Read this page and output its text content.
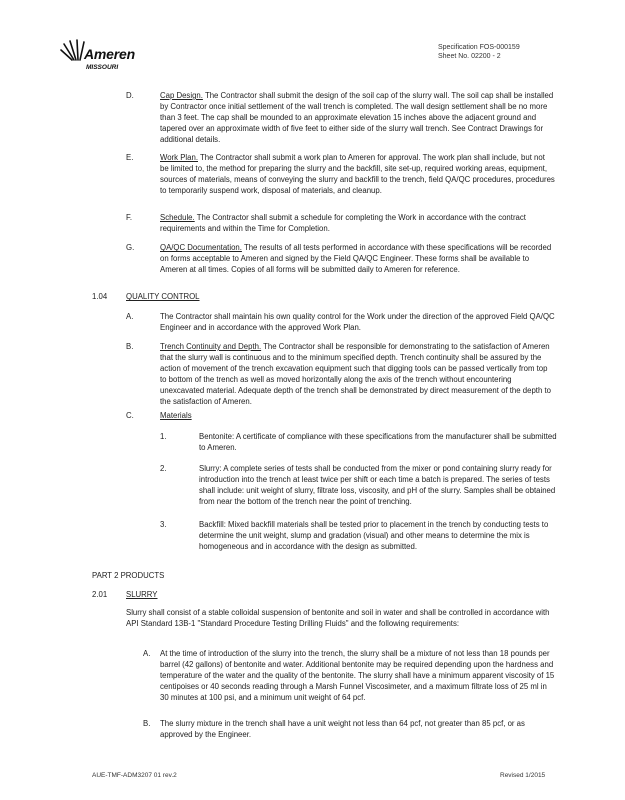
Ameren
MISSOURI
Specification FOS-000159
Sheet No. 02200 - 2
D.	Cap Design. The Contractor shall submit the design of the soil cap of the slurry wall. The soil cap shall be installed by Contractor once initial settlement of the wall trench is completed. The wall design settlement shall be no more than 3 feet. The cap shall be mounded to an approximate elevation 15 inches above the adjacent ground and tapered over an approximate width of five feet to either side of the slurry wall trench. See Contract Drawings for additional details.

E.	Work Plan. The Contractor shall submit a work plan to Ameren for approval. The work plan shall include, but not be limited to, the method for preparing the slurry and the backfill, site set-up, required working areas, equipment, sources of materials, means of conveying the slurry and backfill to the trench, field QA/QC procedures, procedures to temporarily suspend work, disposal of materials, and cleanup.

F.	Schedule. The Contractor shall submit a schedule for completing the Work in accordance with the contract requirements and within the Time for Completion.

G.	QA/QC Documentation. The results of all tests performed in accordance with these specifications will be recorded on forms acceptable to Ameren and signed by the Field QA/QC Engineer. These forms shall be available to Ameren at all times. Copies of all forms will be submitted daily to Ameren for reference.

1.04 QUALITY CONTROL
A.	The Contractor shall maintain his own quality control for the Work under the direction of the approved Field QA/QC Engineer and in accordance with the approved Work Plan.

B.	Trench Continuity and Depth. The Contractor shall be responsible for demonstrating to the satisfaction of Ameren that the slurry wall is continuous and to the minimum specified depth. Trench continuity shall be assured by the action of movement of the trench excavation equipment such that digging tools can be passed vertically from top to bottom of the trench as well as moved horizontally along the axis of the trench without encountering unexcavated material. Adequate depth of the trench shall be demonstrated by direct measurement of the depth to the satisfaction of Ameren.

C.	Materials
1.	Bentonite: A certificate of compliance with these specifications from the manufacturer shall be submitted to Ameren.

2.	Slurry: A complete series of tests shall be conducted from the mixer or pond containing slurry ready for introduction into the trench at least twice per shift or each time a batch is prepared. The series of tests shall include: unit weight of slurry, filtrate loss, viscosity, and pH of the slurry. Samples shall be obtained from near the bottom of the trench near the point of trenching.

3.	Backfill: Mixed backfill materials shall be tested prior to placement in the trench by conducting tests to determine the unit weight, slump and gradation (visual) and other means to determine the mix is homogeneous and in accordance with the design as submitted.

PART 2 PRODUCTS
2.01 SLURRY

Slurry shall consist of a stable colloidal suspension of bentonite and soil in water and shall be controlled in accordance with API Standard 13B-1 "Standard Procedure Testing Drilling Fluids" and the following requirements:

A. At the time of introduction of the slurry into the trench, the slurry shall be a mixture of not less than 18 pounds per barrel (42 gallons) of bentonite and water. Additional bentonite may be required depending upon the hardness and temperature of the water and the quality of the bentonite. The slurry shall have a minimum apparent viscosity of 15 centipoises or 40 seconds reading through a Marsh Funnel Viscosimeter, and a maximum filtrate loss of 25 ml in 30 minutes at 100 psi, and a minimum unit weight of 64 pcf.

B. The slurry mixture in the trench shall have a unit weight not less than 64 pcf, not greater than 85 pcf, or as approved by the Engineer.

AUE-TMF-ADM3207 01 rev.2	Revised 1/2015
